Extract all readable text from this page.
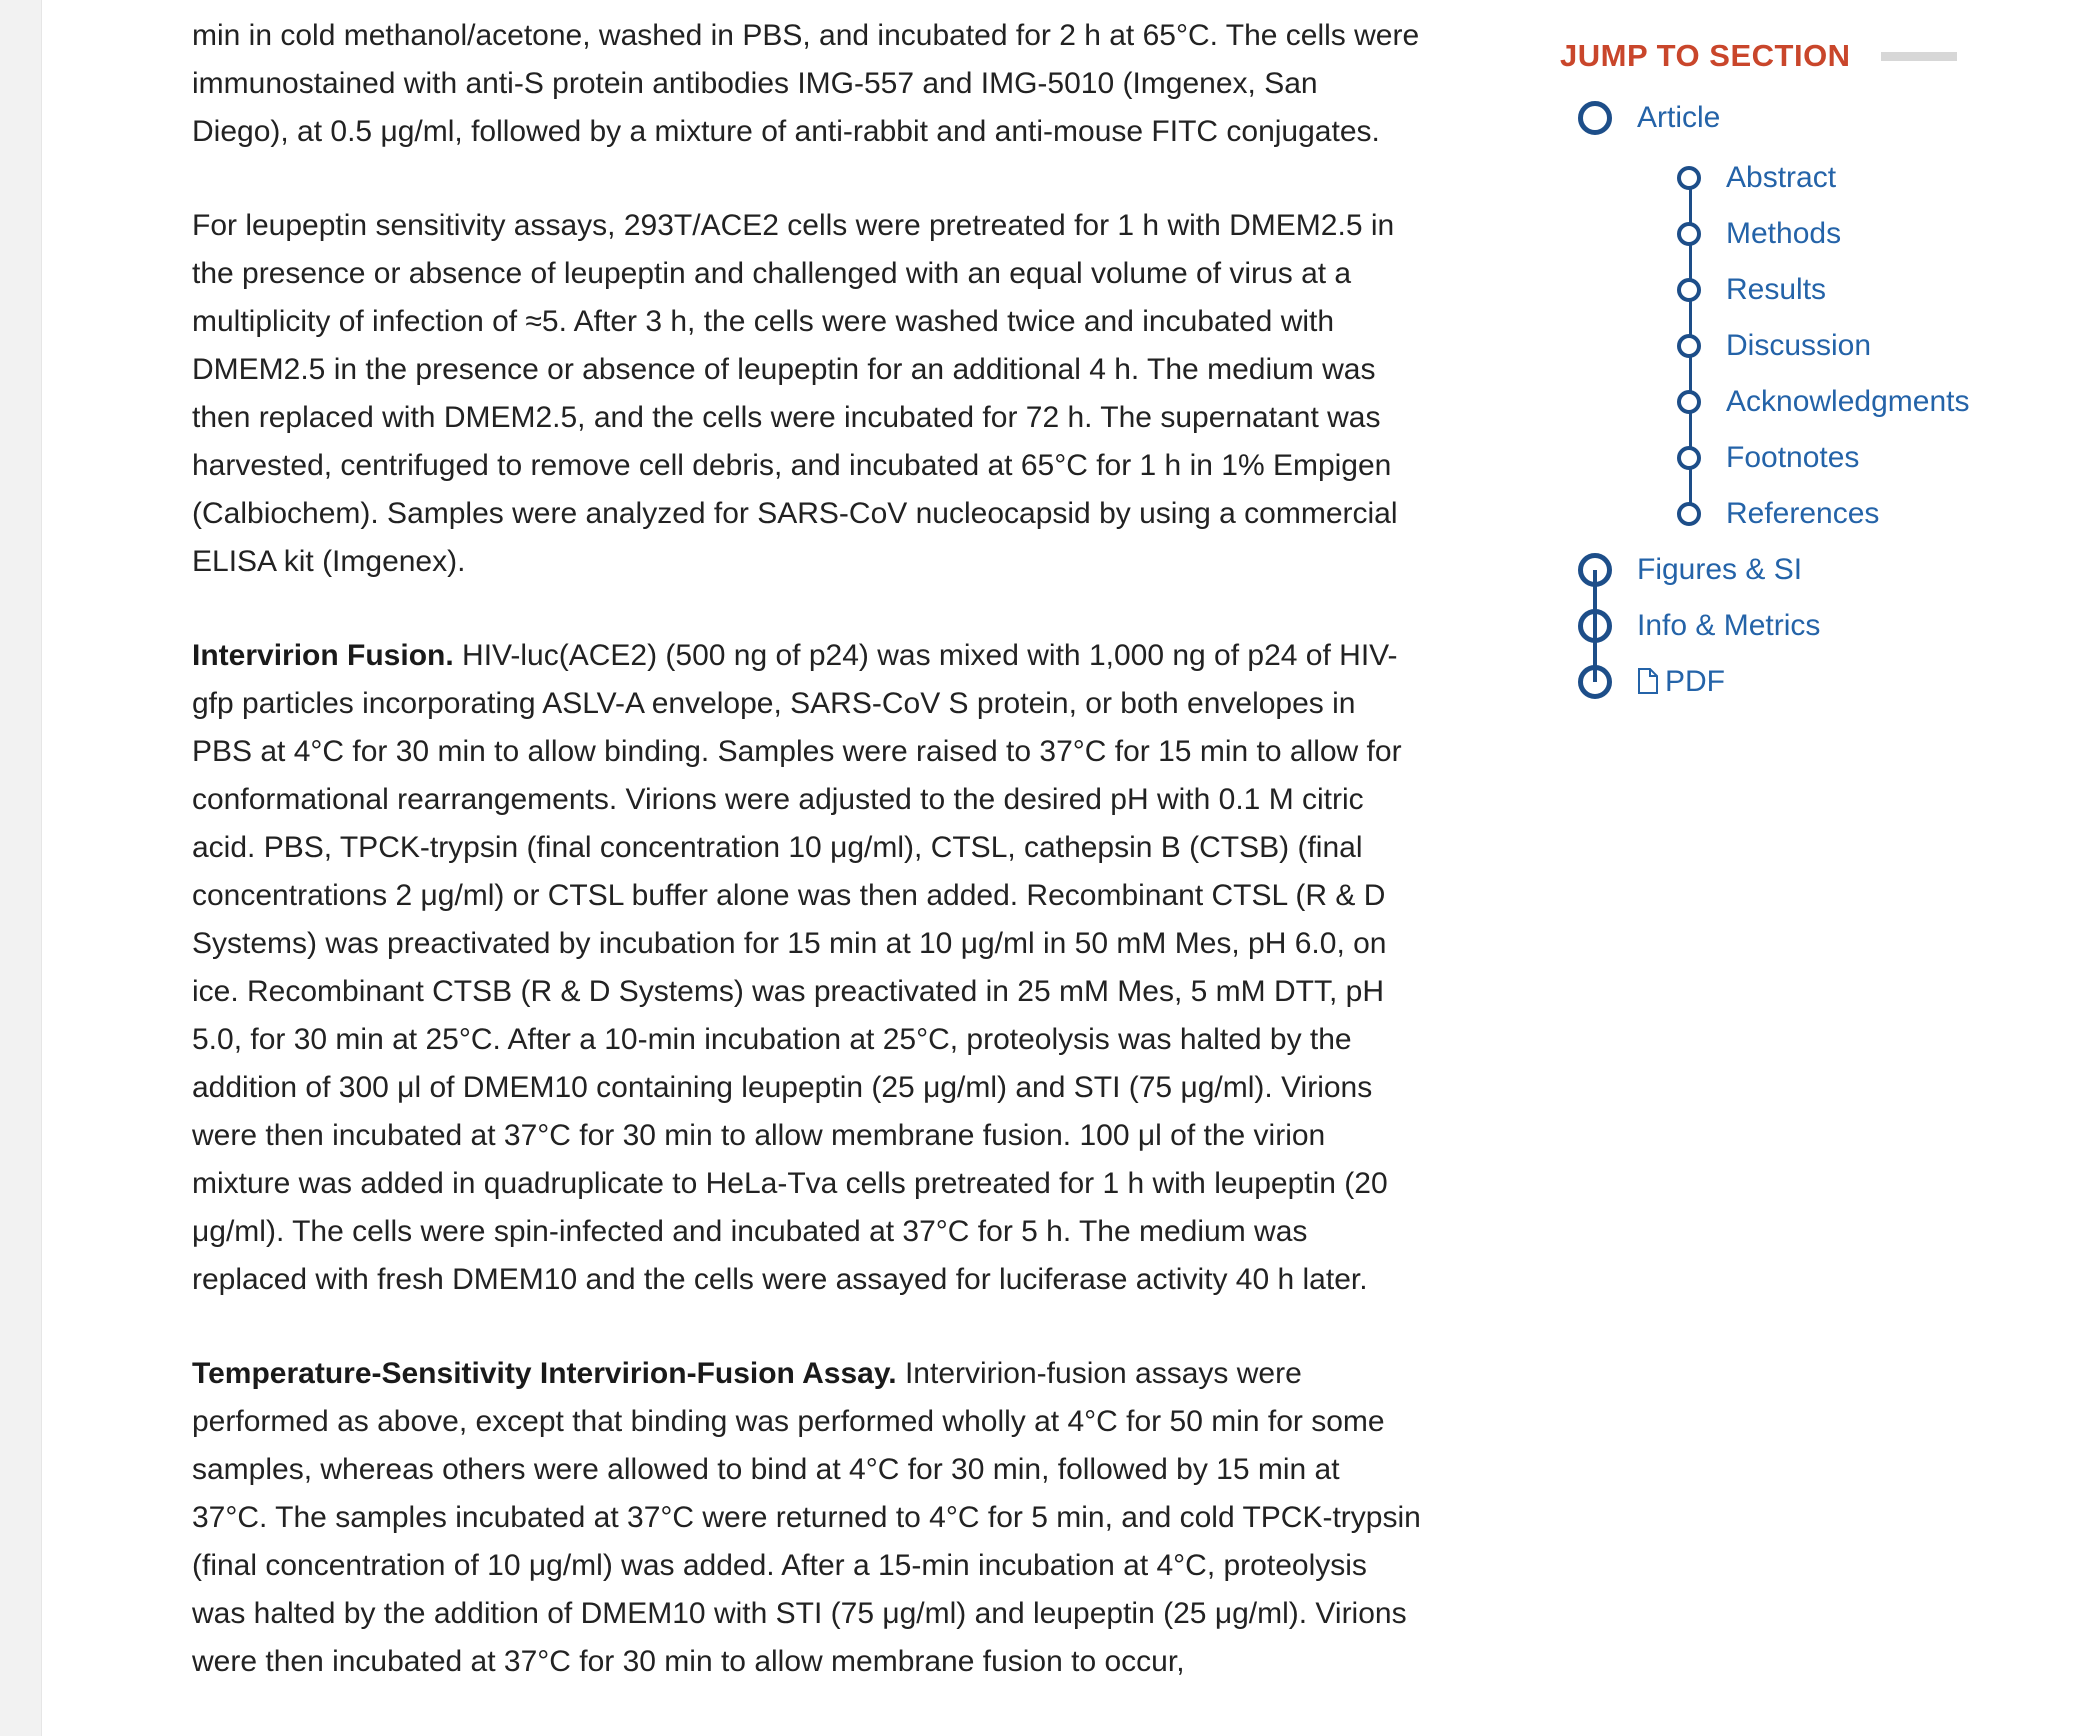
min in cold methanol/acetone, washed in PBS, and incubated for 2 h at 65°C. The cells were immunostained with anti-S protein antibodies IMG-557 and IMG-5010 (Imgenex, San Diego), at 0.5 μg/ml, followed by a mixture of anti-rabbit and anti-mouse FITC conjugates.

For leupeptin sensitivity assays, 293T/ACE2 cells were pretreated for 1 h with DMEM2.5 in the presence or absence of leupeptin and challenged with an equal volume of virus at a multiplicity of infection of ≈5. After 3 h, the cells were washed twice and incubated with DMEM2.5 in the presence or absence of leupeptin for an additional 4 h. The medium was then replaced with DMEM2.5, and the cells were incubated for 72 h. The supernatant was harvested, centrifuged to remove cell debris, and incubated at 65°C for 1 h in 1% Empigen (Calbiochem). Samples were analyzed for SARS-CoV nucleocapsid by using a commercial ELISA kit (Imgenex).

Intervirion Fusion. HIV-luc(ACE2) (500 ng of p24) was mixed with 1,000 ng of p24 of HIV-gfp particles incorporating ASLV-A envelope, SARS-CoV S protein, or both envelopes in PBS at 4°C for 30 min to allow binding. Samples were raised to 37°C for 15 min to allow for conformational rearrangements. Virions were adjusted to the desired pH with 0.1 M citric acid. PBS, TPCK-trypsin (final concentration 10 μg/ml), CTSL, cathepsin B (CTSB) (final concentrations 2 μg/ml) or CTSL buffer alone was then added. Recombinant CTSL (R & D Systems) was preactivated by incubation for 15 min at 10 μg/ml in 50 mM Mes, pH 6.0, on ice. Recombinant CTSB (R & D Systems) was preactivated in 25 mM Mes, 5 mM DTT, pH 5.0, for 30 min at 25°C. After a 10-min incubation at 25°C, proteolysis was halted by the addition of 300 μl of DMEM10 containing leupeptin (25 μg/ml) and STI (75 μg/ml). Virions were then incubated at 37°C for 30 min to allow membrane fusion. 100 μl of the virion mixture was added in quadruplicate to HeLa-Tva cells pretreated for 1 h with leupeptin (20 μg/ml). The cells were spin-infected and incubated at 37°C for 5 h. The medium was replaced with fresh DMEM10 and the cells were assayed for luciferase activity 40 h later.

Temperature-Sensitivity Intervirion-Fusion Assay. Intervirion-fusion assays were performed as above, except that binding was performed wholly at 4°C for 50 min for some samples, whereas others were allowed to bind at 4°C for 30 min, followed by 15 min at 37°C. The samples incubated at 37°C were returned to 4°C for 5 min, and cold TPCK-trypsin (final concentration of 10 μg/ml) was added. After a 15-min incubation at 4°C, proteolysis was halted by the addition of DMEM10 with STI (75 μg/ml) and leupeptin (25 μg/ml). Virions were then incubated at 37°C for 30 min to allow membrane fusion to occur,

JUMP TO SECTION
Article
Abstract
Methods
Results
Discussion
Acknowledgments
Footnotes
References
Figures & SI
Info & Metrics
PDF
